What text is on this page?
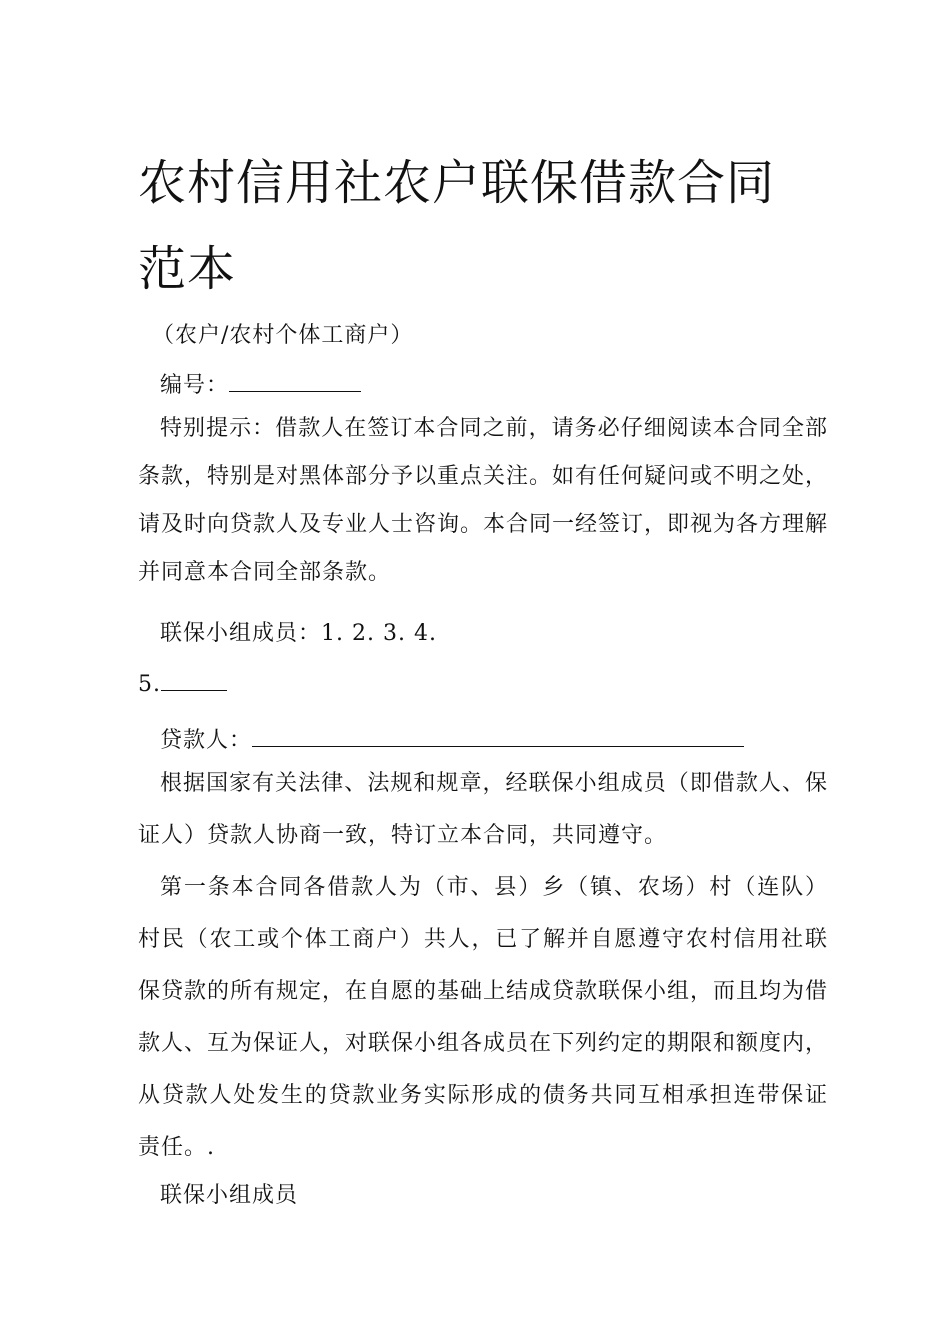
农村信用社农户联保借款合同范本

（农户/农村个体工商户）

编号：

特别提示：借款人在签订本合同之前，请务必仔细阅读本合同全部条款，特别是对黑体部分予以重点关注。如有任何疑问或不明之处，请及时向贷款人及专业人士咨询。本合同一经签订，即视为各方理解并同意本合同全部条款。

联保小组成员：1. 2. 3. 4.

5.

贷款人：

根据国家有关法律、法规和规章，经联保小组成员（即借款人、保证人）贷款人协商一致，特订立本合同，共同遵守。

第一条本合同各借款人为（市、县）乡（镇、农场）村（连队） 村民（农工或个体工商户）共人，已了解并自愿遵守农村信用社联 保贷款的所有规定，在自愿的基础上结成贷款联保小组，而且均为借 款人、互为保证人，对联保小组各成员在下列约定的期限和额度内， 从贷款人处发生的贷款业务实际形成的债务共同互相承担连带保证 责任。.

联保小组成员
